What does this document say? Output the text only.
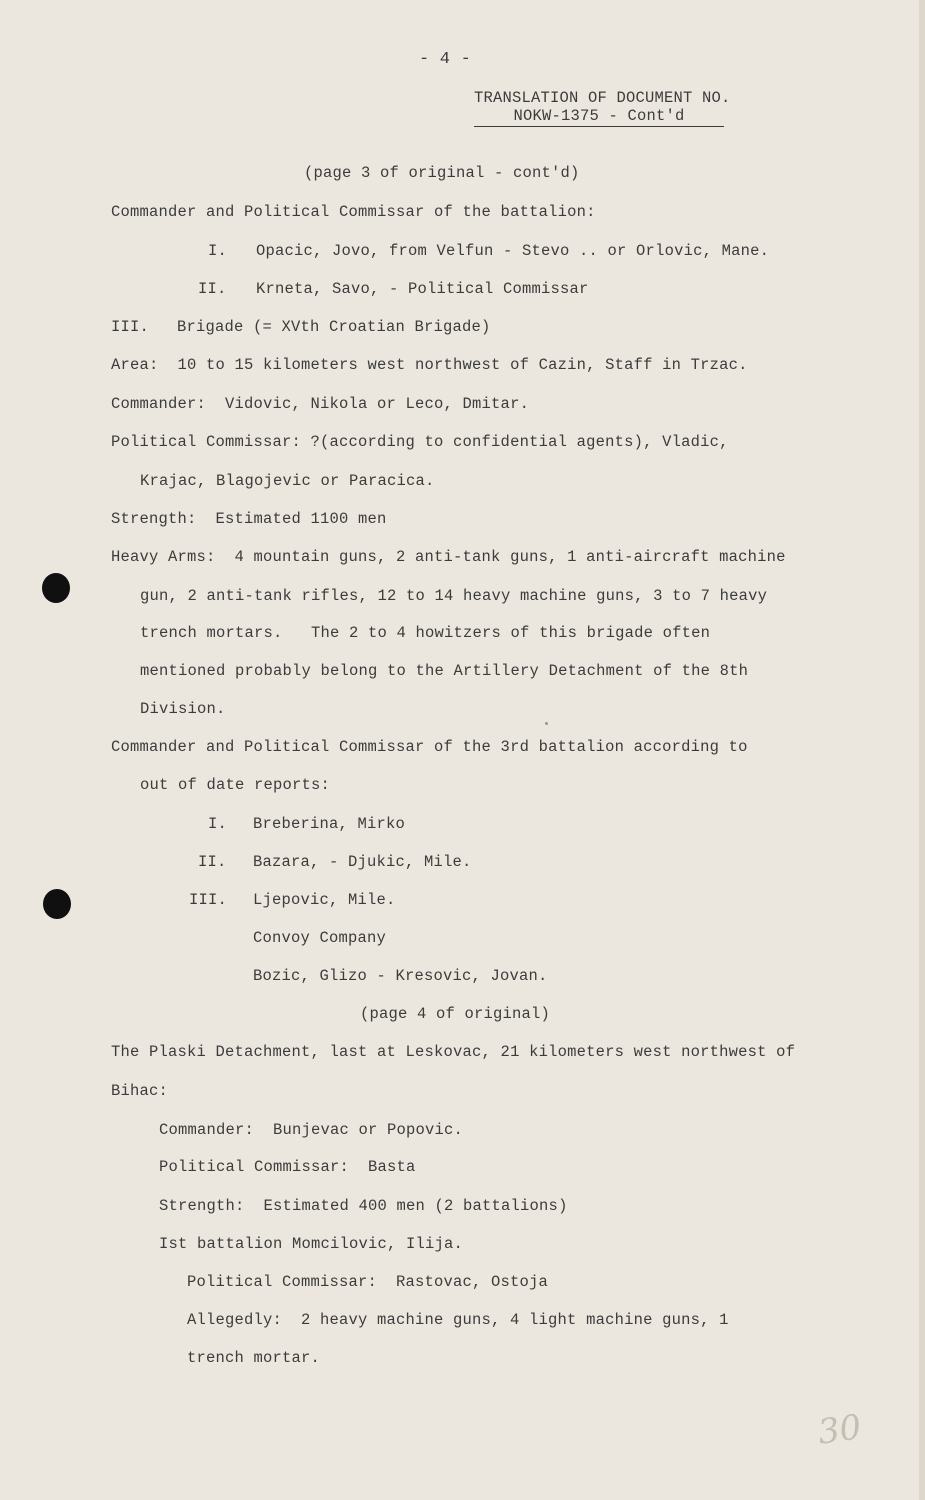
- 4 -
TRANSLATION OF DOCUMENT NO.
NOKW-1375 - Cont'd
(page 3 of original - cont'd)
Commander and Political Commissar of the battalion:
I. Opacic, Jovo, from Velfun - Stevo .. or Orlovic, Mane.
II. Krneta, Savo, - Political Commissar
III. Brigade (= XVth Croatian Brigade)
Area:  10 to 15 kilometers west northwest of Cazin, Staff in Trzac.
Commander:  Vidovic, Nikola or Leco, Dmitar.
Political Commissar: ?(according to confidential agents), Vladic,
Krajac, Blagojevic or Paracica.
Strength:  Estimated 1100 men
Heavy Arms:  4 mountain guns, 2 anti-tank guns, 1 anti-aircraft machine
gun, 2 anti-tank rifles, 12 to 14 heavy machine guns, 3 to 7 heavy
trench mortars.   The 2 to 4 howitzers of this brigade often
mentioned probably belong to the Artillery Detachment of the 8th
Division.
Commander and Political Commissar of the 3rd battalion according to
out of date reports:
I. Breberina, Mirko
II. Bazara, - Djukic, Mile.
III. Ljepovic, Mile.
Convoy Company
Bozic, Glizo - Kresovic, Jovan.
(page 4 of original)
The Plaski Detachment, last at Leskovac, 21 kilometers west northwest of
Bihac:
Commander:  Bunjevac or Popovic.
Political Commissar:  Basta
Strength:  Estimated 400 men (2 battalions)
Ist battalion Momcilovic, Ilija.
Political Commissar:  Rastovac, Ostoja
Allegedly:  2 heavy machine guns, 4 light machine guns, 1
trench mortar.
30
